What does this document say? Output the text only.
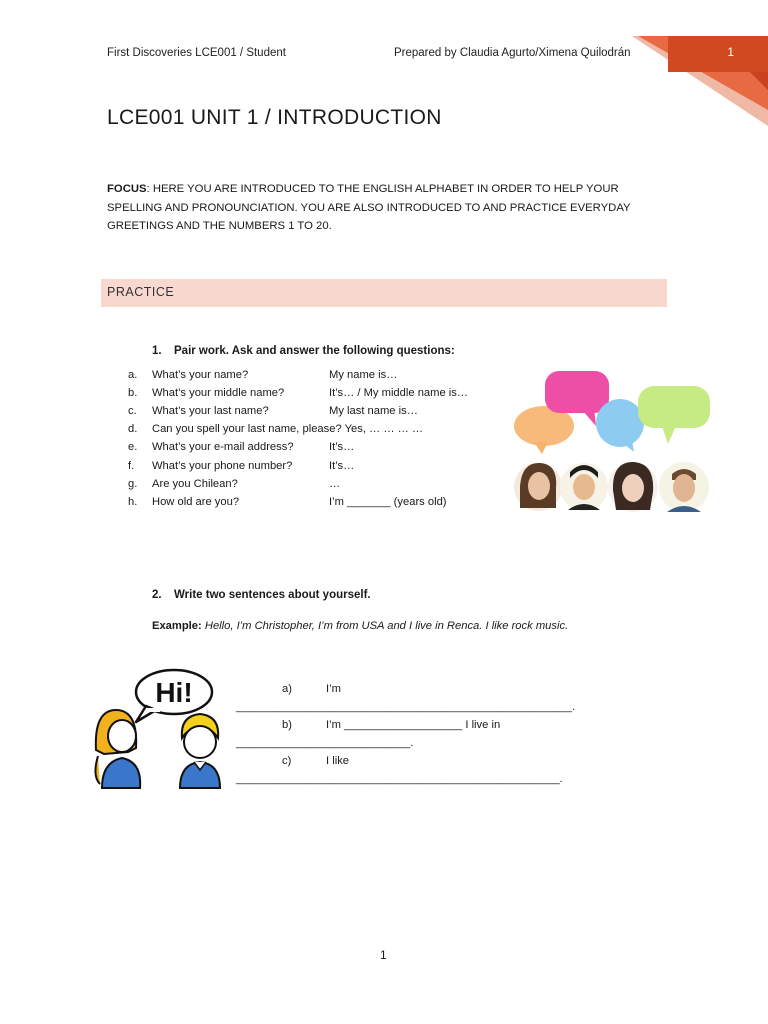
First Discoveries LCE001 / Student	Prepared by Claudia Agurto/Ximena Quilodrán	1
LCE001 UNIT 1 / INTRODUCTION
FOCUS: HERE YOU ARE INTRODUCED TO THE ENGLISH ALPHABET IN ORDER TO HELP YOUR SPELLING AND PRONOUNCIATION. YOU ARE ALSO INTRODUCED TO AND PRACTICE EVERYDAY GREETINGS AND THE NUMBERS 1 TO 20.
PRACTICE
1. Pair work. Ask and answer the following questions:
a.	What’s your name?	My name is…
b.	What’s your middle name?	It’s… / My middle name is…
c.	What’s your last name?	My last name is…
d.	Can you spell your last name, please? Yes, … … … …
e.	What’s your e-mail address?	It’s…
f.	What’s your phone number?	It’s…
g.	Are you Chilean?	…
h.	How old are you?	I’m _______ (years old)
2. Write two sentences about yourself.
Example: Hello, I’m Christopher, I’m from USA and I live in Renca. I like rock music.
Hi!	a)	I’m
______________________________________________________.
b)	I’m ___________________ I live in
____________________________.
c)	I like
____________________________________________________.
1
